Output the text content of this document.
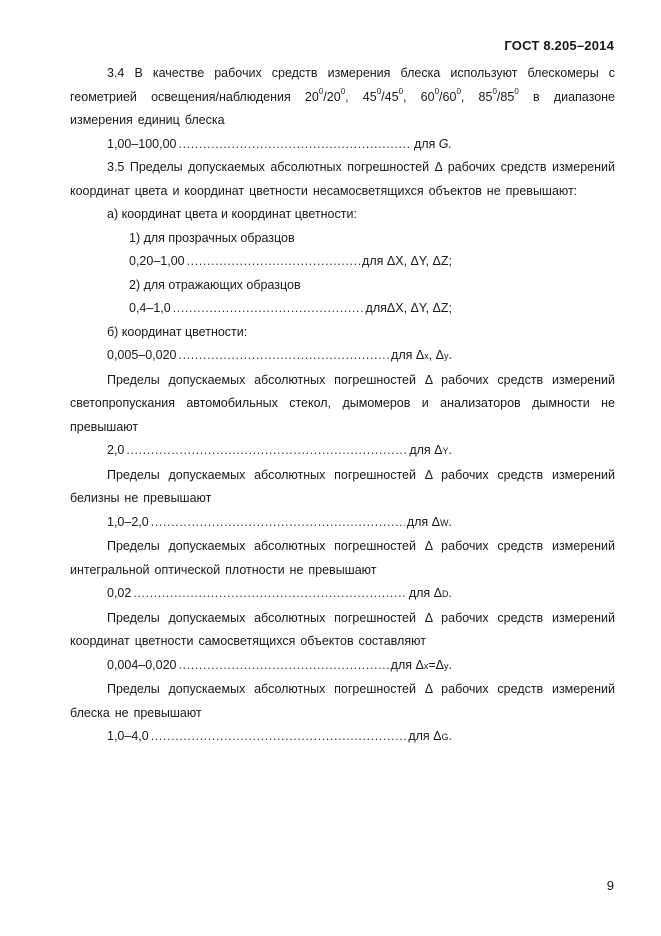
ГОСТ 8.205–2014
3.4 В качестве рабочих средств измерения блеска используют блескомеры с геометрией освещения/наблюдения $20^0/20^0$, $45^0/45^0$, $60^0/60^0$, $85^0/85^0$ в диапазоне измерения единиц блеска
1,00–100,00 .....	для G.
3.5 Пределы допускаемых абсолютных погрешностей Δ рабочих средств измерений координат цвета и координат цветности несамосветящихся объектов не превышают:
а) координат цвета и координат цветности:
1) для прозрачных образцов
0,20–1,00 .....	для ΔX, ΔY, ΔZ;
2) для отражающих образцов
0,4–1,0 .....	дляΔX, ΔY, ΔZ;
б) координат цветности:
0,005–0,020 .....	для Δx, Δy.
Пределы допускаемых абсолютных погрешностей Δ рабочих средств измерений светопропускания автомобильных стекол, дымомеров и анализаторов дымности не превышают
2,0 .....	для ΔY.
Пределы допускаемых абсолютных погрешностей Δ рабочих средств измерений белизны не превышают
1,0–2,0 .....	для ΔW.
Пределы допускаемых абсолютных погрешностей Δ рабочих средств измерений интегральной оптической плотности не превышают
0,02 .....	для ΔD.
Пределы допускаемых абсолютных погрешностей Δ рабочих средств измерений координат цветности самосветящихся объектов составляют
0,004–0,020 .....	для Δx=Δy.
Пределы допускаемых абсолютных погрешностей Δ рабочих средств измерений блеска не превышают
1,0–4,0 .....	для ΔG.
9
